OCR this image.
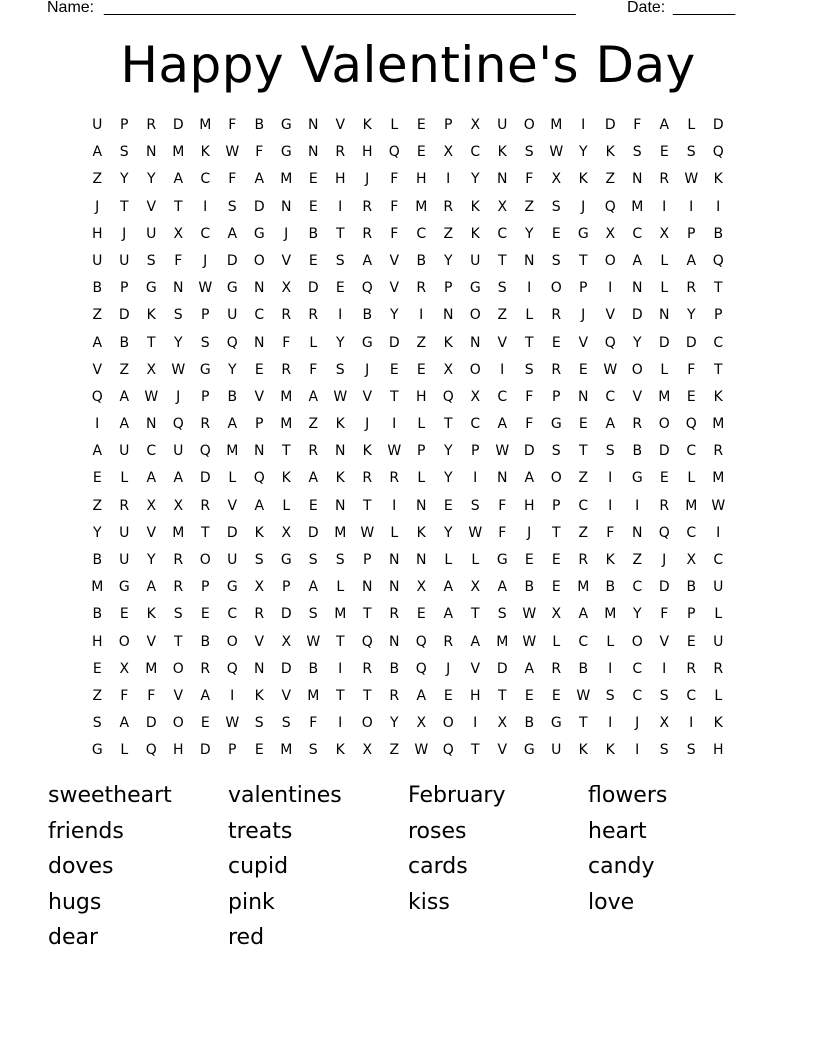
Name: _____________________________________________________	Date: _______
Happy Valentine's Day
U	P	R	D	M	F	B	G	N	V	K	L	E	P	X	U	O	M	I	D	F	A	L	D
A	S	N	M	K	W	F	G	N	R	H	Q	E	X	C	K	S	W	Y	K	S	E	S	Q
Z	Y	Y	A	C	F	A	M	E	H	J	F	H	I	Y	N	F	X	K	Z	N	R	W	K
J	T	V	T	I	S	D	N	E	I	R	F	M	R	K	X	Z	S	J	Q	M	I	I	I
H	J	U	X	C	A	G	J	B	T	R	F	C	Z	K	C	Y	E	G	X	C	X	P	B
U	U	S	F	J	D	O	V	E	S	A	V	B	Y	U	T	N	S	T	O	A	L	A	Q
B	P	G	N	W	G	N	X	D	E	Q	V	R	P	G	S	I	O	P	I	N	L	R	T
Z	D	K	S	P	U	C	R	R	I	B	Y	I	N	O	Z	L	R	J	V	D	N	Y	P
A	B	T	Y	S	Q	N	F	L	Y	G	D	Z	K	N	V	T	E	V	Q	Y	D	D	C
V	Z	X	W	G	Y	E	R	F	S	J	E	E	X	O	I	S	R	E	W	O	L	F	T
Q	A	W	J	P	B	V	M	A	W	V	T	H	Q	X	C	F	P	N	C	V	M	E	K
I	A	N	Q	R	A	P	M	Z	K	J	I	L	T	C	A	F	G	E	A	R	O	Q	M
A	U	C	U	Q	M	N	T	R	N	K	W	P	Y	P	W	D	S	T	S	B	D	C	R
E	L	A	A	D	L	Q	K	A	K	R	R	L	Y	I	N	A	O	Z	I	G	E	L	M
Z	R	X	X	R	V	A	L	E	N	T	I	N	E	S	F	H	P	C	I	I	R	M W
Y	U	V	M	T	D	K	X	D	M W	L	K	Y	W	F	J	T	Z	F	N	Q	C	I
B	U	Y	R	O	U	S	G	S	S	P	N	N	L	L	G	E	E	R	K	Z	J	X	C
M	G	A	R	P	G	X	P	A	L	N	N	X	A	X	A	B	E	M	B	C	D	B	U
B	E	K	S	E	C	R	D	S	M	T	R	E	A	T	S	W	X	A	M	Y	F	P	L
H	O	V	T	B	O	V	X	W	T	Q	N	Q	R	A	M W	L	C	L	O	V	E	U
E	X	M	O	R	Q	N	D	B	I	R	B	Q	J	V	D	A	R	B	I	C	I	R	R
Z	F	F	V	A	I	K	V	M	T	T	R	A	E	H	T	E	E	W	S	C	S	C	L
S	A	D	O	E	W	S	S	F	I	O	Y	X	O	I	X	B	G	T	I	J	X	I	K
G	L	Q	H	D	P	E	M	S	K	X	Z	W	Q	T	V	G	U	K	K	I	S	S	H
sweetheart	valentines	February	flowers
friends	treats	roses	heart
doves	cupid	cards	candy
hugs	pink	kiss	love
dear	red
